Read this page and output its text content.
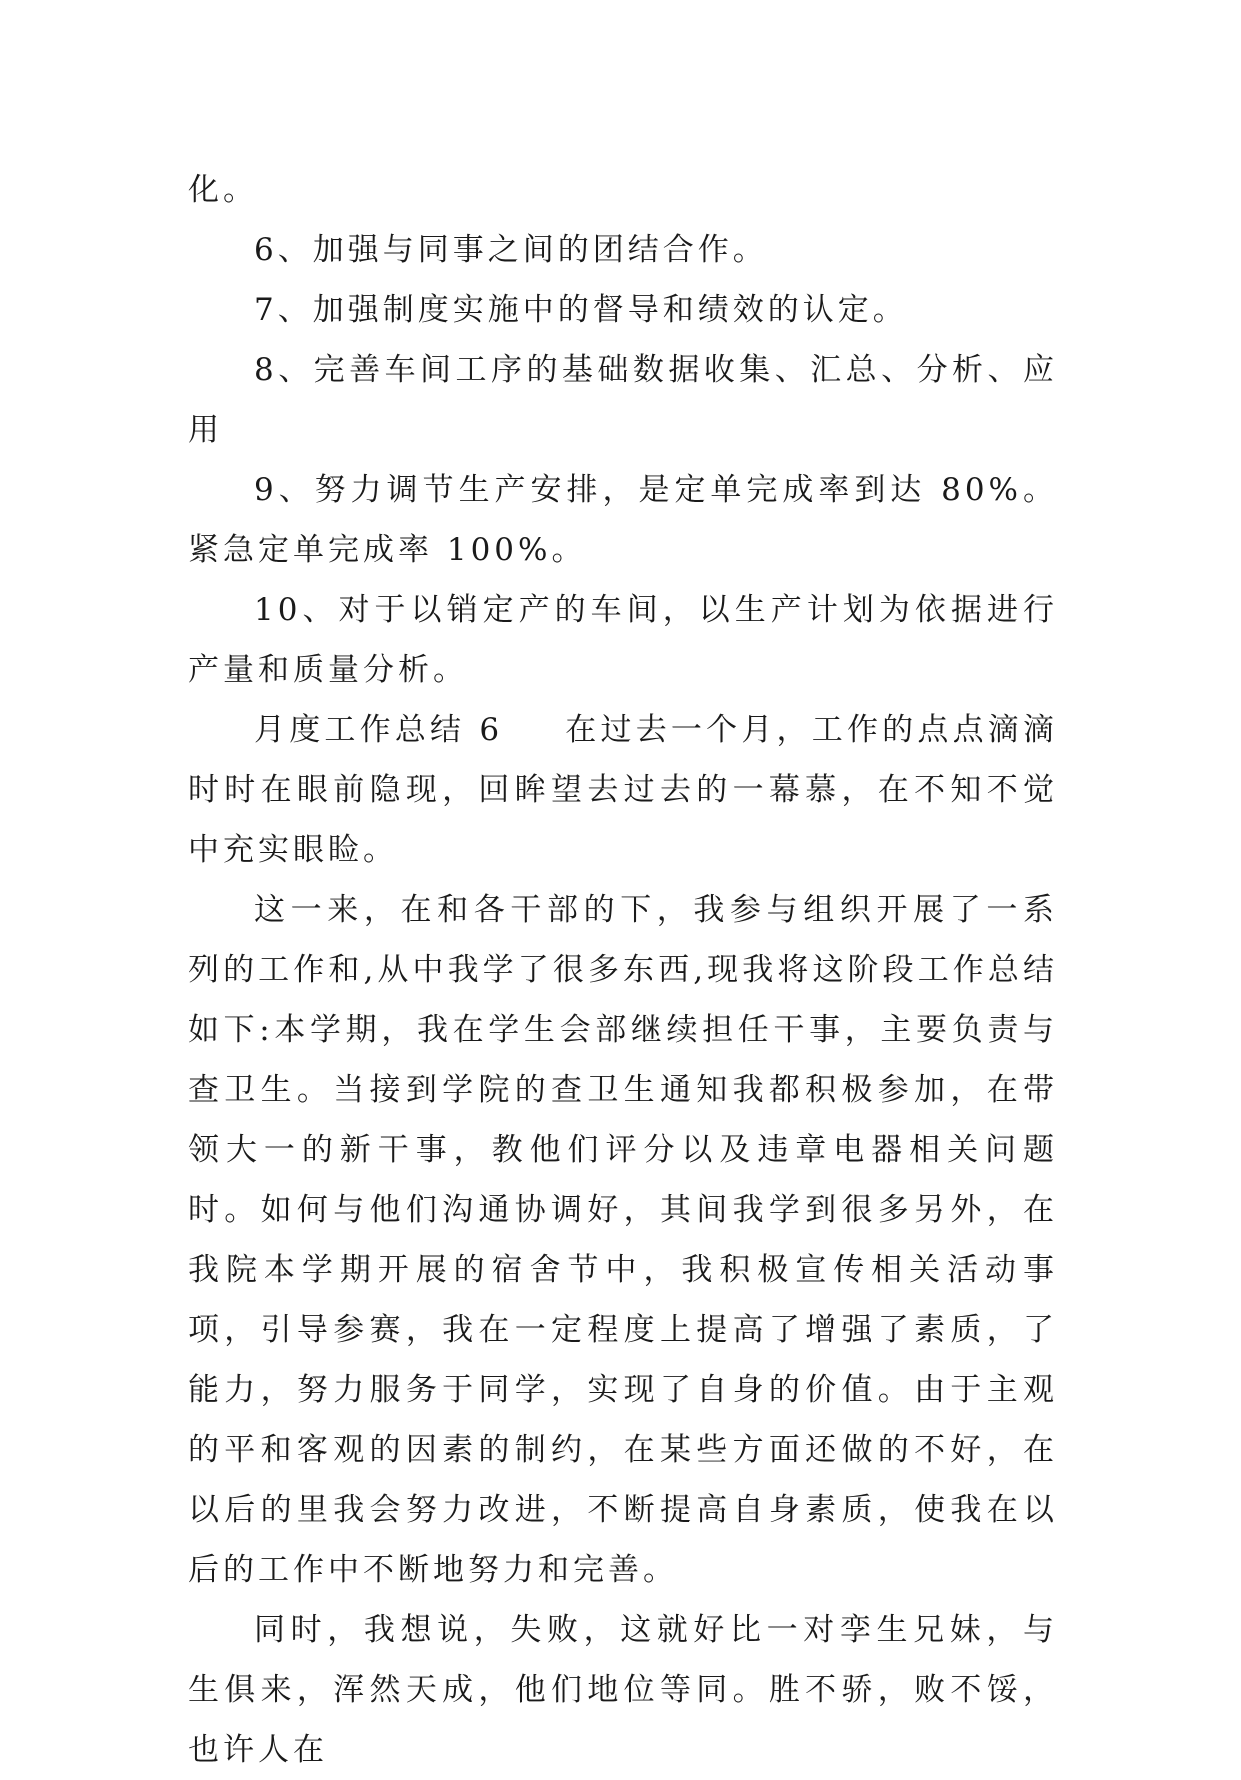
化。

6、加强与同事之间的团结合作。

7、加强制度实施中的督导和绩效的认定。

8、完善车间工序的基础数据收集、汇总、分析、应用

9、努力调节生产安排，是定单完成率到达 80%。紧急定单完成率 100%。

10、对于以销定产的车间，以生产计划为依据进行产量和质量分析。

月度工作总结 6 在过去一个月，工作的点点滴滴时时在眼前隐现，回眸望去过去的一幕慕，在不知不觉中充实眼睑。

这一来，在和各干部的下，我参与组织开展了一系列的工作和,从中我学了很多东西,现我将这阶段工作总结如下:本学期，我在学生会部继续担任干事，主要负责与查卫生。当接到学院的查卫生通知我都积极参加，在带领大一的新干事，教他们评分以及违章电器相关问题时。如何与他们沟通协调好，其间我学到很多另外，在我院本学期开展的宿舍节中，我积极宣传相关活动事项，引导参赛，我在一定程度上提高了增强了素质，了能力，努力服务于同学，实现了自身的价值。由于主观的平和客观的因素的制约，在某些方面还做的不好，在以后的里我会努力改进，不断提高自身素质，使我在以后的工作中不断地努力和完善。

同时，我想说，失败，这就好比一对孪生兄妹，与生俱来，浑然天成，他们地位等同。胜不骄，败不馁，也许人在
